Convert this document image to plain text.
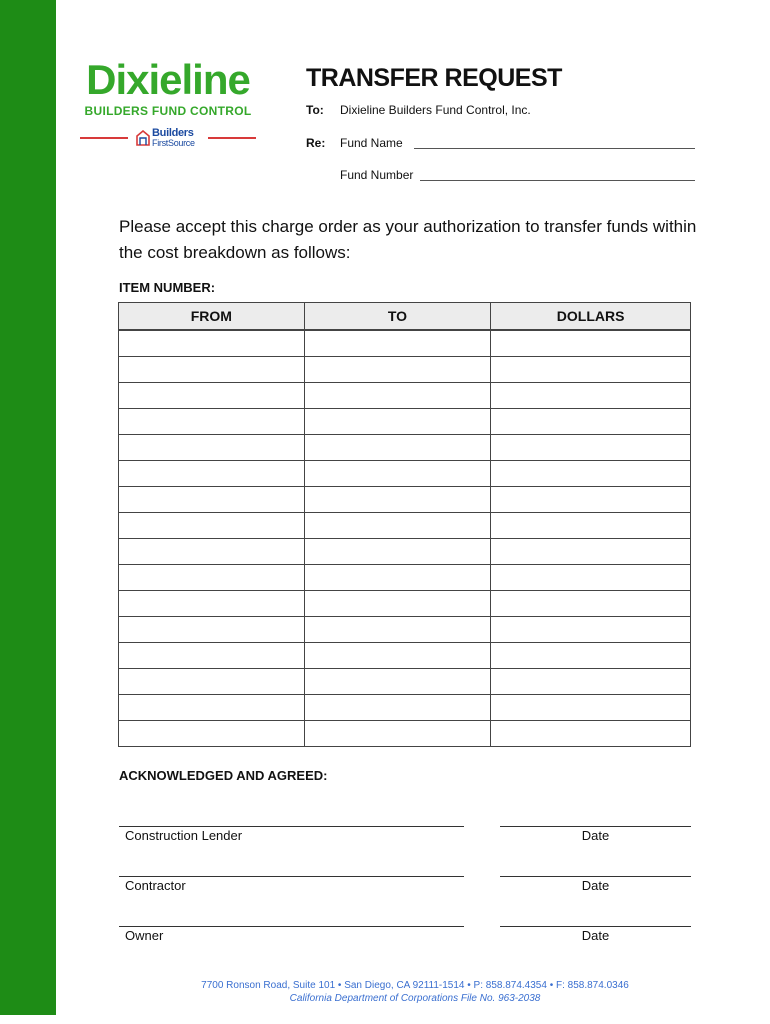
Dixieline
BUILDERS FUND CONTROL
Builders
FirstSource
TRANSFER REQUEST
To: Dixieline Builders Fund Control, Inc.
Re: Fund Name
Fund Number
Please accept this charge order as your authorization to transfer funds within the cost breakdown as follows:
ITEM NUMBER:
FROM	TO	DOLLARS

ACKNOWLEDGED AND AGREED:
Construction Lender	Date
Contractor	Date
Owner	Date
7700 Ronson Road, Suite 101 • San Diego, CA 92111-1514 • P: 858.874.4354 • F: 858.874.0346
California Department of Corporations File No. 963-2038
